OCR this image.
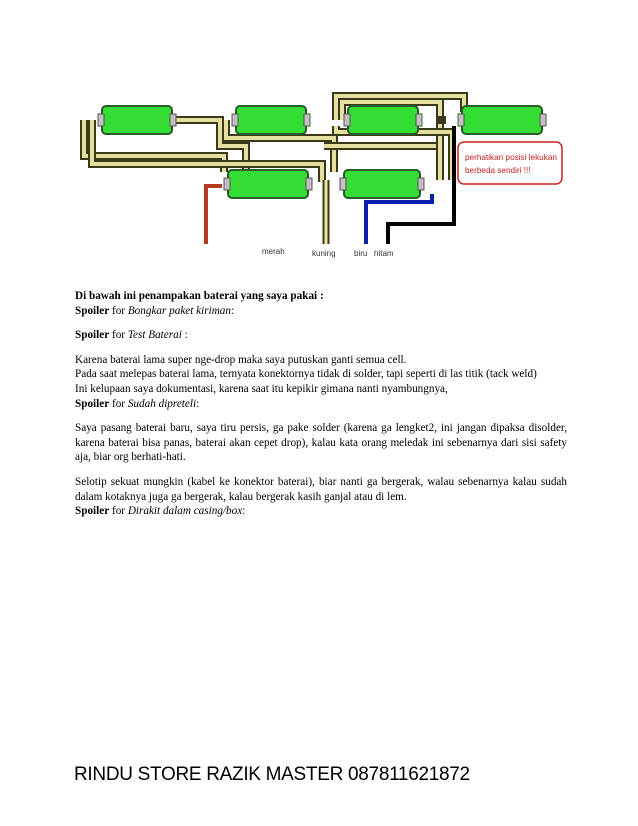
perhatikan posisi lekukan
berbeda sendiri !!!
merah	kuning biru hitam

Di bawah ini penampakan baterai yang saya pakai :

Spoiler for Bongkar paket kiriman:

Spoiler for Test Baterai :

Karena baterai lama super nge-drop maka saya putuskan ganti semua cell.

Pada saat melepas baterai lama, ternyata konektornya tidak di solder, tapi seperti di las titik (tack weld)

Ini kelupaan saya dokumentasi, karena saat itu kepikir gimana nanti nyambungnya,

Spoiler for Sudah dipreteli:

Saya pasang baterai baru, saya tiru persis, ga pake solder (karena ga lengket2, ini jangan dipaksa disolder, karena baterai bisa panas, baterai akan cepet drop), kalau kata orang meledak ini sebenarnya dari sisi safety aja, biar org berhati-hati.

Selotip sekuat mungkin (kabel ke konektor baterai), biar nanti ga bergerak, walau sebenarnya kalau sudah dalam kotaknya juga ga bergerak, kalau bergerak kasih ganjal atau di lem.

Spoiler for Dirakit dalam casing/box:

RINDU STORE RAZIK MASTER 087811621872
